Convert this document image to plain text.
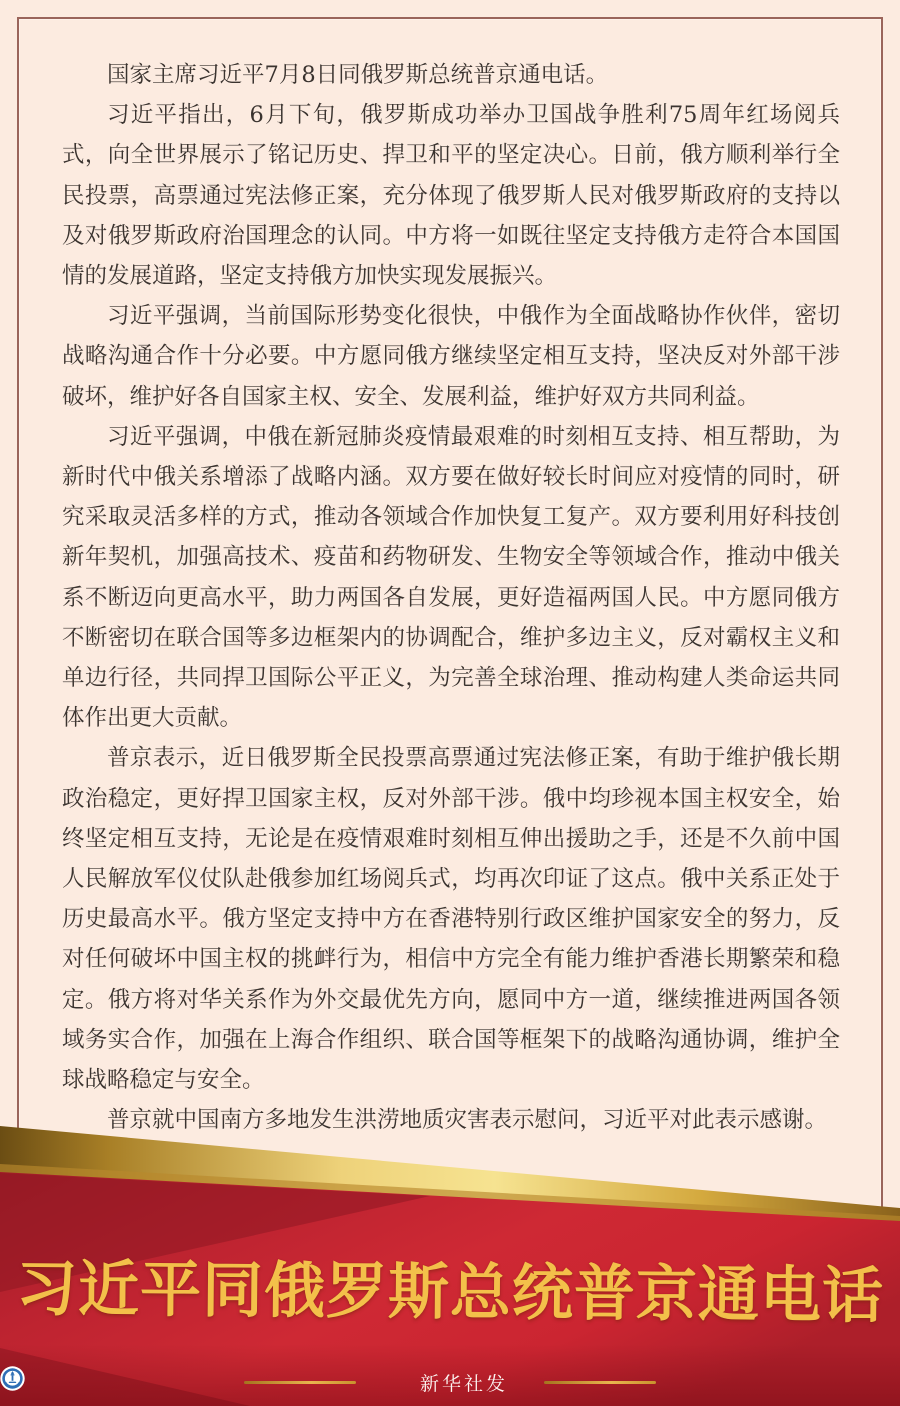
国家主席习近平7月8日同俄罗斯总统普京通电话。

习近平指出，6月下旬，俄罗斯成功举办卫国战争胜利75周年红场阅兵式，向全世界展示了铭记历史、捍卫和平的坚定决心。日前，俄方顺利举行全民投票，高票通过宪法修正案，充分体现了俄罗斯人民对俄罗斯政府的支持以及对俄罗斯政府治国理念的认同。中方将一如既往坚定支持俄方走符合本国国情的发展道路，坚定支持俄方加快实现发展振兴。

习近平强调，当前国际形势变化很快，中俄作为全面战略协作伙伴，密切战略沟通合作十分必要。中方愿同俄方继续坚定相互支持，坚决反对外部干涉破坏，维护好各自国家主权、安全、发展利益，维护好双方共同利益。

习近平强调，中俄在新冠肺炎疫情最艰难的时刻相互支持、相互帮助，为新时代中俄关系增添了战略内涵。双方要在做好较长时间应对疫情的同时，研究采取灵活多样的方式，推动各领域合作加快复工复产。双方要利用好科技创新年契机，加强高技术、疫苗和药物研发、生物安全等领域合作，推动中俄关系不断迈向更高水平，助力两国各自发展，更好造福两国人民。中方愿同俄方不断密切在联合国等多边框架内的协调配合，维护多边主义，反对霸权主义和单边行径，共同捍卫国际公平正义，为完善全球治理、推动构建人类命运共同体作出更大贡献。

普京表示，近日俄罗斯全民投票高票通过宪法修正案，有助于维护俄长期政治稳定，更好捍卫国家主权，反对外部干涉。俄中均珍视本国主权安全，始终坚定相互支持，无论是在疫情艰难时刻相互伸出援助之手，还是不久前中国人民解放军仪仗队赴俄参加红场阅兵式，均再次印证了这点。俄中关系正处于历史最高水平。俄方坚定支持中方在香港特别行政区维护国家安全的努力，反对任何破坏中国主权的挑衅行为，相信中方完全有能力维护香港长期繁荣和稳定。俄方将对华关系作为外交最优先方向，愿同中方一道，继续推进两国各领域务实合作，加强在上海合作组织、联合国等框架下的战略沟通协调，维护全球战略稳定与安全。

普京就中国南方多地发生洪涝地质灾害表示慰问，习近平对此表示感谢。

习近平同俄罗斯总统普京通电话
新华社发
